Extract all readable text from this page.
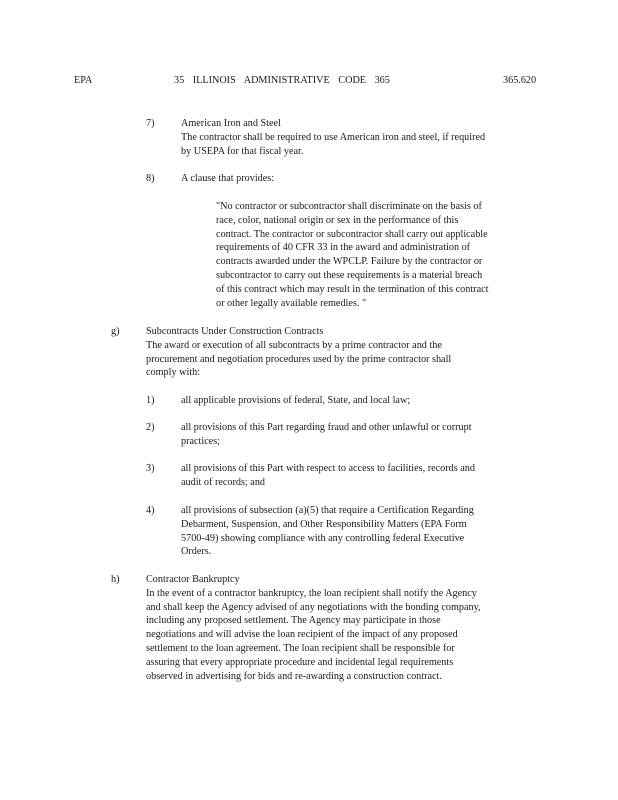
EPA	35 ILLINOIS ADMINISTRATIVE CODE 365	365.620
7)	American Iron and Steel
The contractor shall be required to use American iron and steel, if required
by USEPA for that fiscal year.
8)	A clause that provides:
"No contractor or subcontractor shall discriminate on the basis of
race, color, national origin or sex in the performance of this
contract. The contractor or subcontractor shall carry out applicable
requirements of 40 CFR 33 in the award and administration of
contracts awarded under the WPCLP. Failure by the contractor or
subcontractor to carry out these requirements is a material breach
of this contract which may result in the termination of this contract
or other legally available remedies. "
g)	Subcontracts Under Construction Contracts
The award or execution of all subcontracts by a prime contractor and the
procurement and negotiation procedures used by the prime contractor shall
comply with:
1)	all applicable provisions of federal, State, and local law;
2)	all provisions of this Part regarding fraud and other unlawful or corrupt
practices;
3)	all provisions of this Part with respect to access to facilities, records and
audit of records; and
4)	all provisions of subsection (a)(5) that require a Certification Regarding
Debarment, Suspension, and Other Responsibility Matters (EPA Form
5700-49) showing compliance with any controlling federal Executive
Orders.
h)	Contractor Bankruptcy
In the event of a contractor bankruptcy, the loan recipient shall notify the Agency
and shall keep the Agency advised of any negotiations with the bonding company,
including any proposed settlement. The Agency may participate in those
negotiations and will advise the loan recipient of the impact of any proposed
settlement to the loan agreement. The loan recipient shall be responsible for
assuring that every appropriate procedure and incidental legal requirements
observed in advertising for bids and re-awarding a construction contract.
